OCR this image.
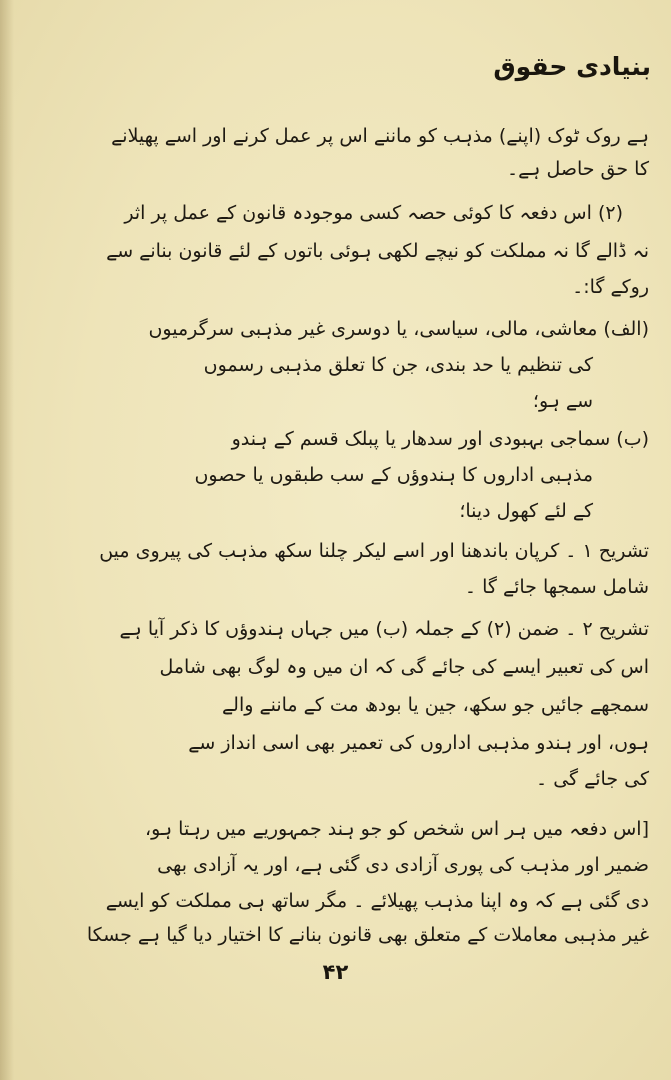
بنیادی حقوق
ہے روک ٹوک (اپنے) مذہب کو ماننے اس پر عمل کرنے اور اسے پھیلانے
کا حق حاصل ہے۔
(۲) اس دفعہ کا کوئی حصہ کسی موجودہ قانون کے عمل پر اثر
نہ ڈالے گا نہ مملکت کو نیچے لکھی ہوئی باتوں کے لئے قانون بنانے سے
روکے گا:۔
(الف) معاشی، مالی، سیاسی، یا دوسری غیر مذہبی سرگرمیوں
کی تنظیم یا حد بندی، جن کا تعلق مذہبی رسموں
سے ہو؛
(ب) سماجی بہبودی اور سدھار یا پبلک قسم کے ہندو
مذہبی اداروں کا ہندوؤں کے سب طبقوں یا حصوں
کے لئے کھول دینا؛
تشریح ۱ ۔ کرپان باندھنا اور اسے لیکر چلنا سکھ مذہب کی پیروی میں
شامل سمجھا جائے گا ۔
تشریح ۲ ۔ ضمن (۲) کے جملہ (ب) میں جہاں ہندوؤں کا ذکر آیا ہے
اس کی تعبیر ایسے کی جائے گی کہ ان میں وہ لوگ بھی شامل
سمجھے جائیں جو سکھ، جین یا بودھ مت کے ماننے والے
ہوں، اور ہندو مذہبی اداروں کی تعمیر بھی اسی انداز سے
کی جائے گی ۔
[اس دفعہ میں ہر اس شخص کو جو ہند جمہوریے میں رہتا ہو،
ضمیر اور مذہب کی پوری آزادی دی گئی ہے، اور یہ آزادی بھی
دی گئی ہے کہ وہ اپنا مذہب پھیلائے ۔ مگر ساتھ ہی مملکت کو ایسے
غیر مذہبی معاملات کے متعلق بھی قانون بنانے کا اختیار دیا گیا ہے جسکا
۴۲
